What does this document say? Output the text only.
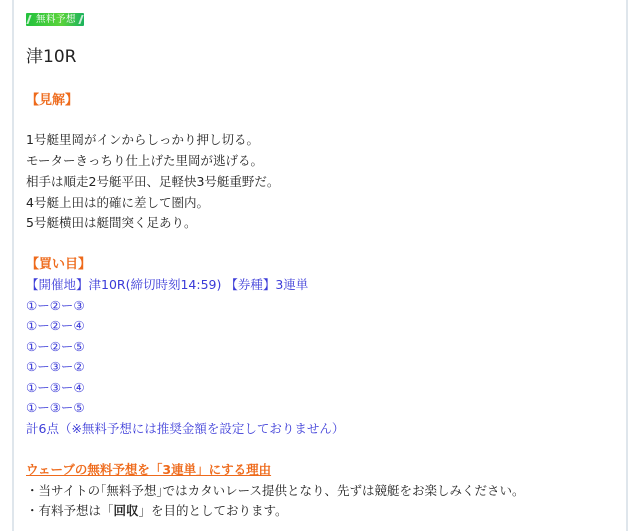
無料予想
津10R
【見解】
1号艇里岡がインからしっかり押し切る。
モーターきっちり仕上げた里岡が逃げる。
相手は順走2号艇平田、足軽快3号艇重野だ。
4号艇上田は的確に差して圏内。
5号艇横田は艇間突く足あり。
【買い目】
【開催地】津10R(締切時刻14:59) 【券種】3連単
①ー②ー③
①ー②ー④
①ー②ー⑤
①ー③ー②
①ー③ー④
①ー③ー⑤
計6点（※無料予想には推奨金額を設定しておりません）
ウェーブの無料予想を「3連単」にする理由
・当サイトの｢無料予想｣ではカタいレース提供となり、先ずは競艇をお楽しみください。
・有料予想は「回収」を目的としております。
